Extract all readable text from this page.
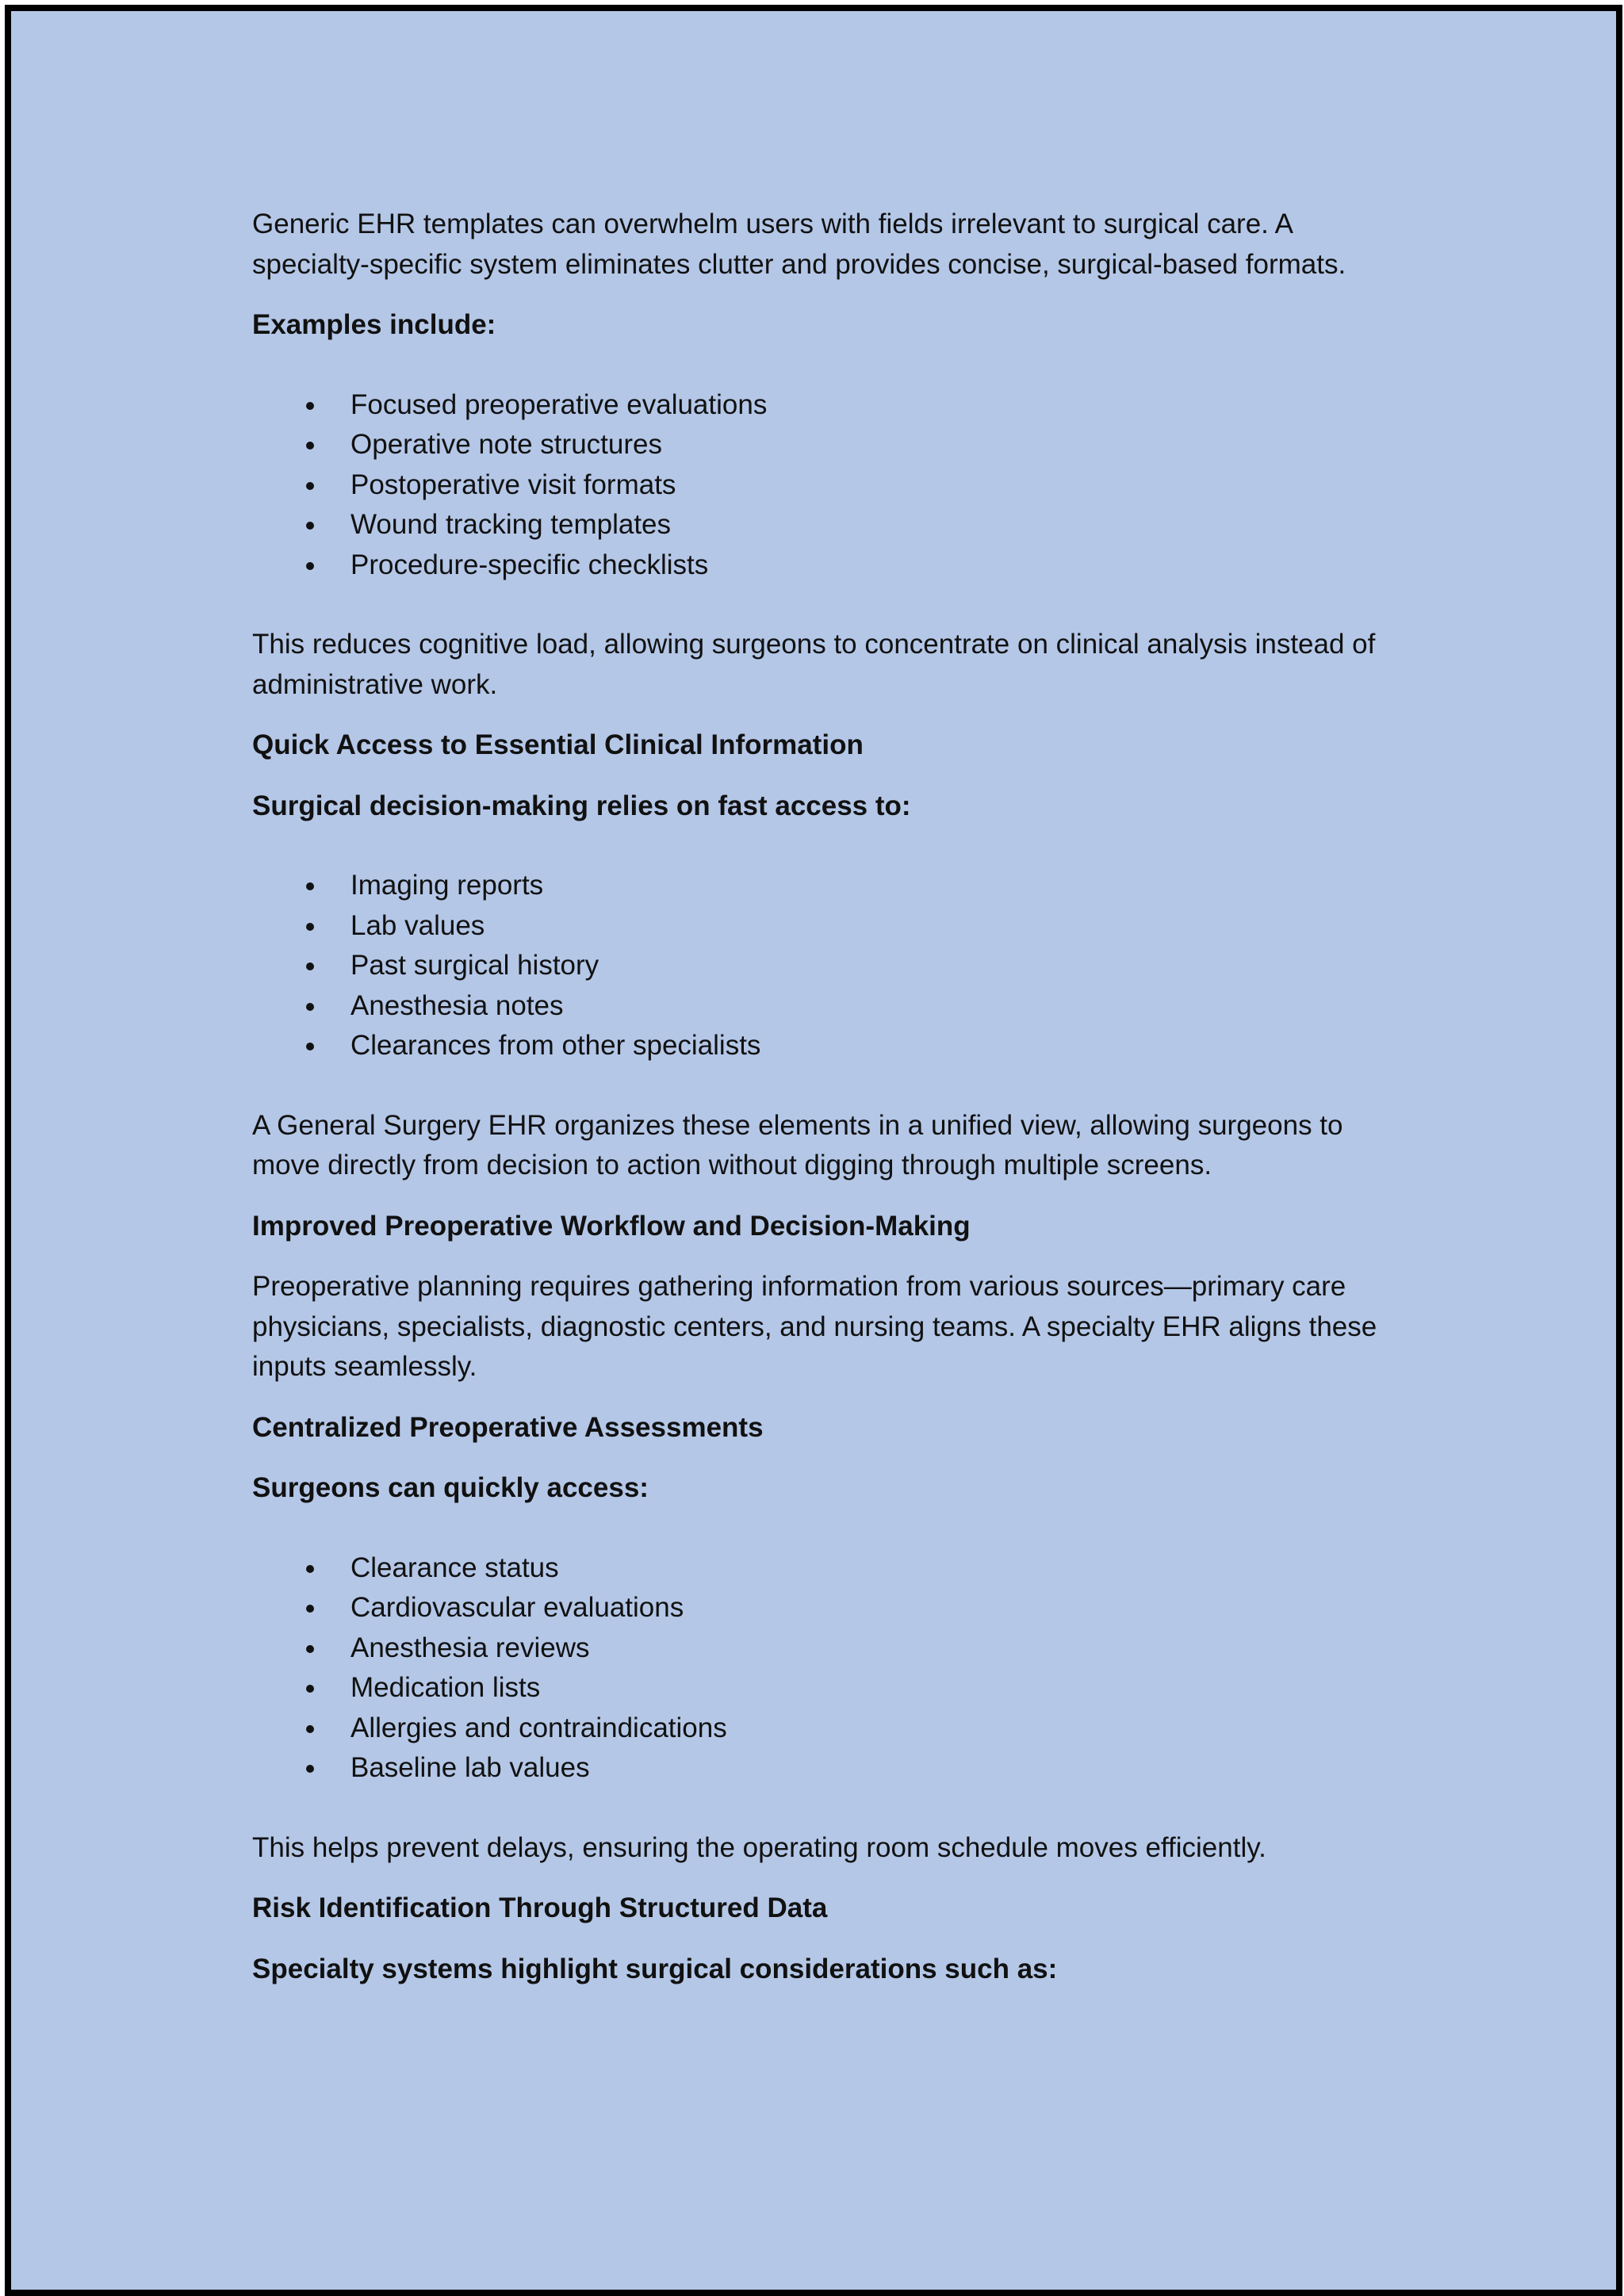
Generic EHR templates can overwhelm users with fields irrelevant to surgical care. A specialty-specific system eliminates clutter and provides concise, surgical-based formats.

Examples include:

Focused preoperative evaluations
Operative note structures
Postoperative visit formats
Wound tracking templates
Procedure-specific checklists

This reduces cognitive load, allowing surgeons to concentrate on clinical analysis instead of administrative work.

Quick Access to Essential Clinical Information

Surgical decision-making relies on fast access to:

Imaging reports
Lab values
Past surgical history
Anesthesia notes
Clearances from other specialists

A General Surgery EHR organizes these elements in a unified view, allowing surgeons to move directly from decision to action without digging through multiple screens.

Improved Preoperative Workflow and Decision-Making

Preoperative planning requires gathering information from various sources—primary care physicians, specialists, diagnostic centers, and nursing teams. A specialty EHR aligns these inputs seamlessly.

Centralized Preoperative Assessments

Surgeons can quickly access:

Clearance status
Cardiovascular evaluations
Anesthesia reviews
Medication lists
Allergies and contraindications
Baseline lab values

This helps prevent delays, ensuring the operating room schedule moves efficiently.

Risk Identification Through Structured Data

Specialty systems highlight surgical considerations such as:
